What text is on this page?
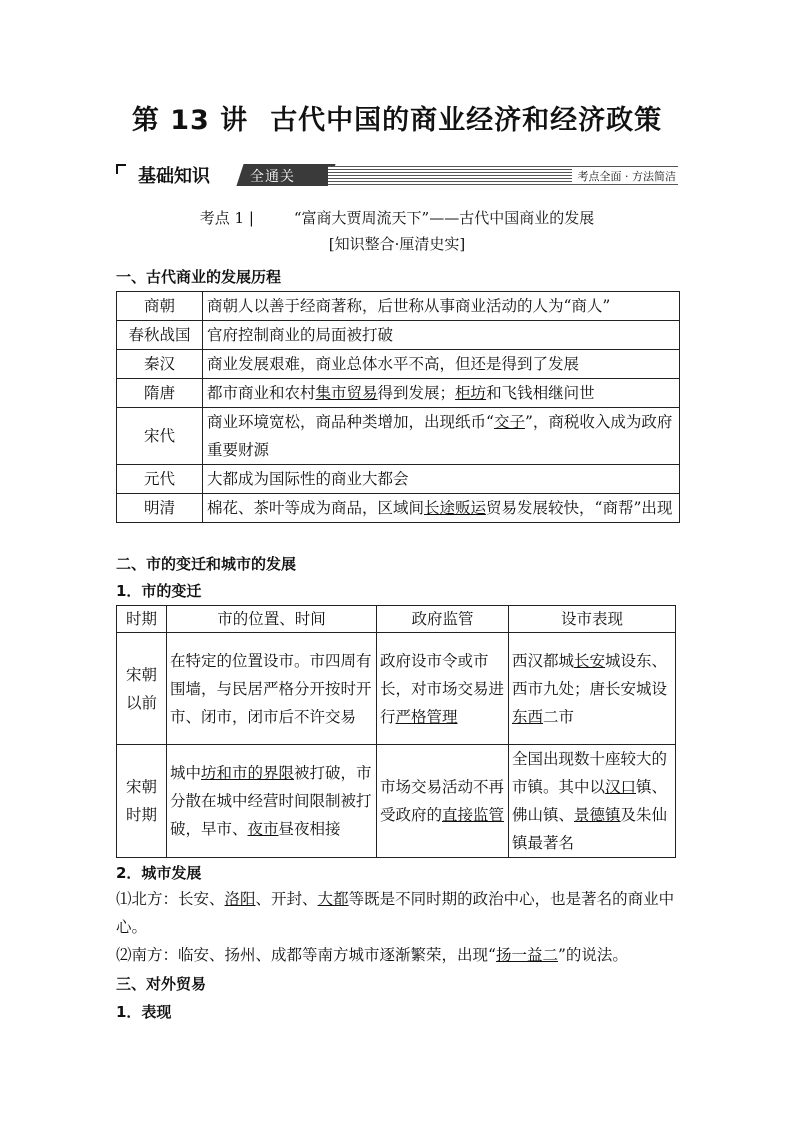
第 13 讲 古代中国的商业经济和经济政策
基础知识	全通关	考点全面 · 方法简洁
考点 1 |	“富商大贾周流天下”——古代中国商业的发展
[知识整合·厘清史实]
一、古代商业的发展历程
商朝	商朝人以善于经商著称，后世称从事商业活动的人为“商人”
春秋战国	官府控制商业的局面被打破
秦汉	商业发展艰难，商业总体水平不高，但还是得到了发展
隋唐	都市商业和农村集市贸易得到发展；柜坊和飞钱相继问世
宋代	商业环境宽松，商品种类增加，出现纸币“交子”，商税收入成为政府重要财源
元代	大都成为国际性的商业大都会
明清	棉花、茶叶等成为商品，区域间长途贩运贸易发展较快，“商帮”出现
二、市的变迁和城市的发展
1．市的变迁
时期	市的位置、时间	政府监管	设市表现
宋朝以前	在特定的位置设市。市四周有围墙，与民居严格分开按时开市、闭市，闭市后不许交易	政府设市令或市长，对市场交易进行严格管理	西汉都城长安城设东、西市九处；唐长安城设东西二市
宋朝时期	城中坊和市的界限被打破，市分散在城中经营时间限制被打破，早市、夜市昼夜相接	市场交易活动不再受政府的直接监管	全国出现数十座较大的市镇。其中以汉口镇、佛山镇、景德镇及朱仙镇最著名
2．城市发展
⑴北方：长安、洛阳、开封、大都等既是不同时期的政治中心，也是著名的商业中心。
⑵南方：临安、扬州、成都等南方城市逐渐繁荣，出现“扬一益二”的说法。
三、对外贸易
1．表现
